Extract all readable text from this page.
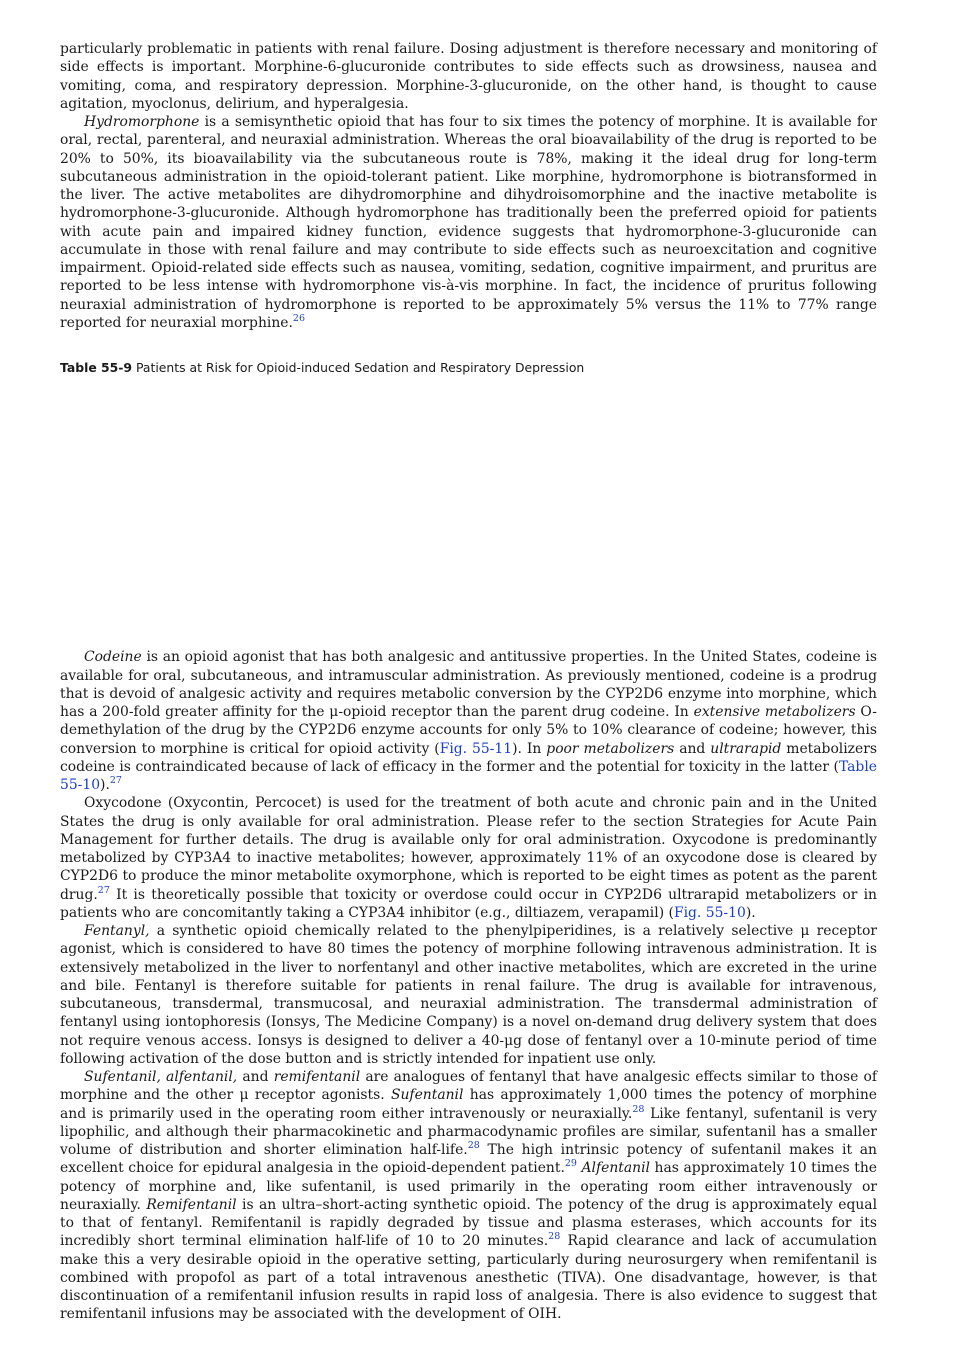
particularly problematic in patients with renal failure. Dosing adjustment is therefore necessary and monitoring of side effects is important. Morphine-6-glucuronide contributes to side effects such as drowsiness, nausea and vomiting, coma, and respiratory depression. Morphine-3-glucuronide, on the other hand, is thought to cause agitation, myoclonus, delirium, and hyperalgesia.

Hydromorphone is a semisynthetic opioid that has four to six times the potency of morphine. It is available for oral, rectal, parenteral, and neuraxial administration. Whereas the oral bioavailability of the drug is reported to be 20% to 50%, its bioavailability via the subcutaneous route is 78%, making it the ideal drug for long-term subcutaneous administration in the opioid-tolerant patient. Like morphine, hydromorphone is biotransformed in the liver. The active metabolites are dihydromorphine and dihydroisomorphine and the inactive metabolite is hydromorphone-3-glucuronide. Although hydromorphone has traditionally been the preferred opioid for patients with acute pain and impaired kidney function, evidence suggests that hydromorphone-3-glucuronide can accumulate in those with renal failure and may contribute to side effects such as neuroexcitation and cognitive impairment. Opioid-related side effects such as nausea, vomiting, sedation, cognitive impairment, and pruritus are reported to be less intense with hydromorphone vis-à-vis morphine. In fact, the incidence of pruritus following neuraxial administration of hydromorphone is reported to be approximately 5% versus the 11% to 77% range reported for neuraxial morphine.$^{26}$

Table 55-9 Patients at Risk for Opioid-induced Sedation and Respiratory Depression

Codeine is an opioid agonist that has both analgesic and antitussive properties. In the United States, codeine is available for oral, subcutaneous, and intramuscular administration. As previously mentioned, codeine is a prodrug that is devoid of analgesic activity and requires metabolic conversion by the CYP2D6 enzyme into morphine, which has a 200-fold greater affinity for the μ-opioid receptor than the parent drug codeine. In extensive metabolizers O-demethylation of the drug by the CYP2D6 enzyme accounts for only 5% to 10% clearance of codeine; however, this conversion to morphine is critical for opioid activity (Fig. 55-11). In poor metabolizers and ultrarapid metabolizers codeine is contraindicated because of lack of efficacy in the former and the potential for toxicity in the latter (Table 55-10).$^{27}$

Oxycodone (Oxycontin, Percocet) is used for the treatment of both acute and chronic pain and in the United States the drug is only available for oral administration. Please refer to the section Strategies for Acute Pain Management for further details. The drug is available only for oral administration. Oxycodone is predominantly metabolized by CYP3A4 to inactive metabolites; however, approximately 11% of an oxycodone dose is cleared by CYP2D6 to produce the minor metabolite oxymorphone, which is reported to be eight times as potent as the parent drug.$^{27}$ It is theoretically possible that toxicity or overdose could occur in CYP2D6 ultrarapid metabolizers or in patients who are concomitantly taking a CYP3A4 inhibitor (e.g., diltiazem, verapamil) (Fig. 55-10).

Fentanyl, a synthetic opioid chemically related to the phenylpiperidines, is a relatively selective μ receptor agonist, which is considered to have 80 times the potency of morphine following intravenous administration. It is extensively metabolized in the liver to norfentanyl and other inactive metabolites, which are excreted in the urine and bile. Fentanyl is therefore suitable for patients in renal failure. The drug is available for intravenous, subcutaneous, transdermal, transmucosal, and neuraxial administration. The transdermal administration of fentanyl using iontophoresis (Ionsys, The Medicine Company) is a novel on-demand drug delivery system that does not require venous access. Ionsys is designed to deliver a 40-μg dose of fentanyl over a 10-minute period of time following activation of the dose button and is strictly intended for inpatient use only.

Sufentanil, alfentanil, and remifentanil are analogues of fentanyl that have analgesic effects similar to those of morphine and the other μ receptor agonists. Sufentanil has approximately 1,000 times the potency of morphine and is primarily used in the operating room either intravenously or neuraxially.$^{28}$ Like fentanyl, sufentanil is very lipophilic, and although their pharmacokinetic and pharmacodynamic profiles are similar, sufentanil has a smaller volume of distribution and shorter elimination half-life.$^{28}$ The high intrinsic potency of sufentanil makes it an excellent choice for epidural analgesia in the opioid-dependent patient.$^{29}$ Alfentanil has approximately 10 times the potency of morphine and, like sufentanil, is used primarily in the operating room either intravenously or neuraxially. Remifentanil is an ultra–short-acting synthetic opioid. The potency of the drug is approximately equal to that of fentanyl. Remifentanil is rapidly degraded by tissue and plasma esterases, which accounts for its incredibly short terminal elimination half-life of 10 to 20 minutes.$^{28}$ Rapid clearance and lack of accumulation make this a very desirable opioid in the operative setting, particularly during neurosurgery when remifentanil is combined with propofol as part of a total intravenous anesthetic (TIVA). One disadvantage, however, is that discontinuation of a remifentanil infusion results in rapid loss of analgesia. There is also evidence to suggest that remifentanil infusions may be associated with the development of OIH.
